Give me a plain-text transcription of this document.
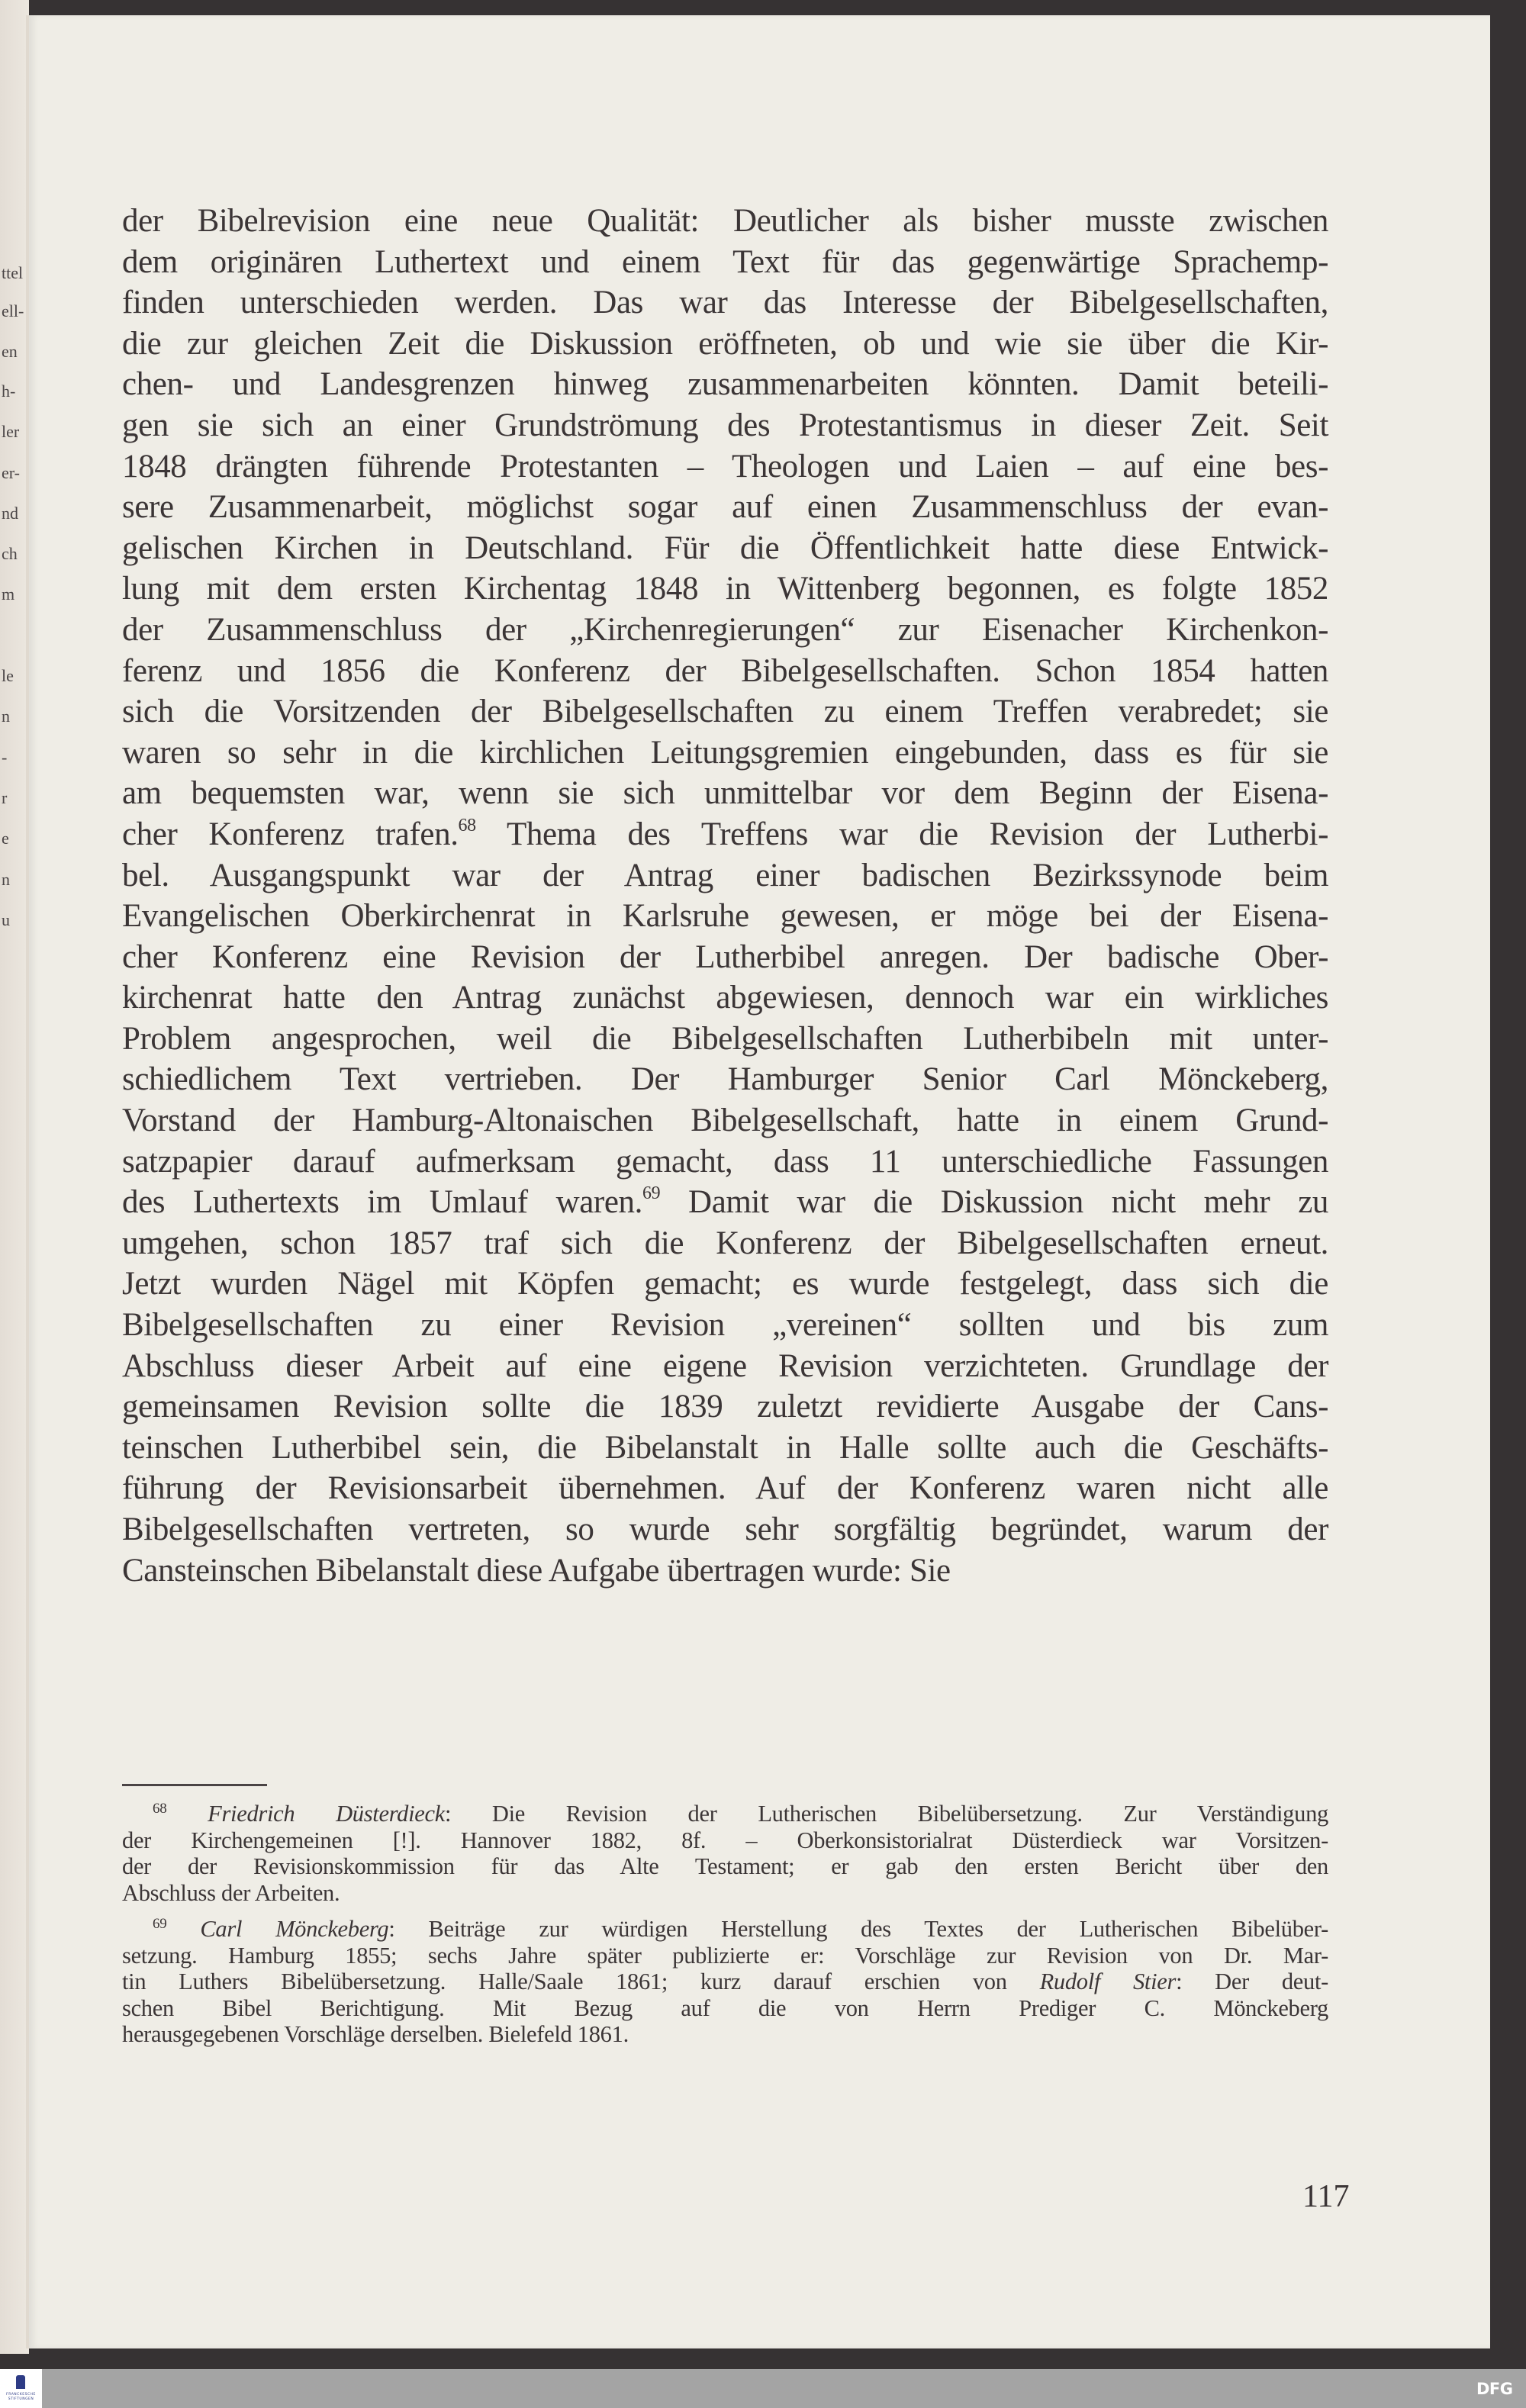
ttel
ell-
en
h-
ler
er-
nd
ch
m
le
n
-
r
e
n
u
der Bibelrevision eine neue Qualität: Deutlicher als bisher musste zwischen
dem originären Luthertext und einem Text für das gegenwärtige Sprachemp-
finden unterschieden werden. Das war das Interesse der Bibelgesellschaften,
die zur gleichen Zeit die Diskussion eröffneten, ob und wie sie über die Kir-
chen- und Landesgrenzen hinweg zusammenarbeiten könnten. Damit beteili-
gen sie sich an einer Grundströmung des Protestantismus in dieser Zeit. Seit
1848 drängten führende Protestanten – Theologen und Laien – auf eine bes-
sere Zusammenarbeit, möglichst sogar auf einen Zusammenschluss der evan-
gelischen Kirchen in Deutschland. Für die Öffentlichkeit hatte diese Entwick-
lung mit dem ersten Kirchentag 1848 in Wittenberg begonnen, es folgte 1852
der Zusammenschluss der „Kirchenregierungen“ zur Eisenacher Kirchenkon-
ferenz und 1856 die Konferenz der Bibelgesellschaften. Schon 1854 hatten
sich die Vorsitzenden der Bibelgesellschaften zu einem Treffen verabredet; sie
waren so sehr in die kirchlichen Leitungsgremien eingebunden, dass es für sie
am bequemsten war, wenn sie sich unmittelbar vor dem Beginn der Eisena-
cher Konferenz trafen.$^{68}$ Thema des Treffens war die Revision der Lutherbi-
bel. Ausgangspunkt war der Antrag einer badischen Bezirkssynode beim
Evangelischen Oberkirchenrat in Karlsruhe gewesen, er möge bei der Eisena-
cher Konferenz eine Revision der Lutherbibel anregen. Der badische Ober-
kirchenrat hatte den Antrag zunächst abgewiesen, dennoch war ein wirkliches
Problem angesprochen, weil die Bibelgesellschaften Lutherbibeln mit unter-
schiedlichem Text vertrieben. Der Hamburger Senior Carl Mönckeberg,
Vorstand der Hamburg-Altonaischen Bibelgesellschaft, hatte in einem Grund-
satzpapier darauf aufmerksam gemacht, dass 11 unterschiedliche Fassungen
des Luthertexts im Umlauf waren.$^{69}$ Damit war die Diskussion nicht mehr zu
umgehen, schon 1857 traf sich die Konferenz der Bibelgesellschaften erneut.
Jetzt wurden Nägel mit Köpfen gemacht; es wurde festgelegt, dass sich die
Bibelgesellschaften zu einer Revision „vereinen“ sollten und bis zum
Abschluss dieser Arbeit auf eine eigene Revision verzichteten. Grundlage der
gemeinsamen Revision sollte die 1839 zuletzt revidierte Ausgabe der Cans-
teinschen Lutherbibel sein, die Bibelanstalt in Halle sollte auch die Geschäfts-
führung der Revisionsarbeit übernehmen. Auf der Konferenz waren nicht alle
Bibelgesellschaften vertreten, so wurde sehr sorgfältig begründet, warum der
Cansteinschen Bibelanstalt diese Aufgabe übertragen wurde: Sie
$^{68}$ Friedrich Düsterdieck: Die Revision der Lutherischen Bibelübersetzung. Zur Verständigung
der Kirchengemeinen [!]. Hannover 1882, 8f. – Oberkonsistorialrat Düsterdieck war Vorsitzen-
der der Revisionskommission für das Alte Testament; er gab den ersten Bericht über den
Abschluss der Arbeiten.
$^{69}$ Carl Mönckeberg: Beiträge zur würdigen Herstellung des Textes der Lutherischen Bibelüber-
setzung. Hamburg 1855; sechs Jahre später publizierte er: Vorschläge zur Revision von Dr. Mar-
tin Luthers Bibelübersetzung. Halle/Saale 1861; kurz darauf erschien von Rudolf Stier: Der deut-
schen Bibel Berichtigung. Mit Bezug auf die von Herrn Prediger C. Mönckeberg
herausgegebenen Vorschläge derselben. Bielefeld 1861.
117
FRANCKESCHE
STIFTUNGEN
DFG
